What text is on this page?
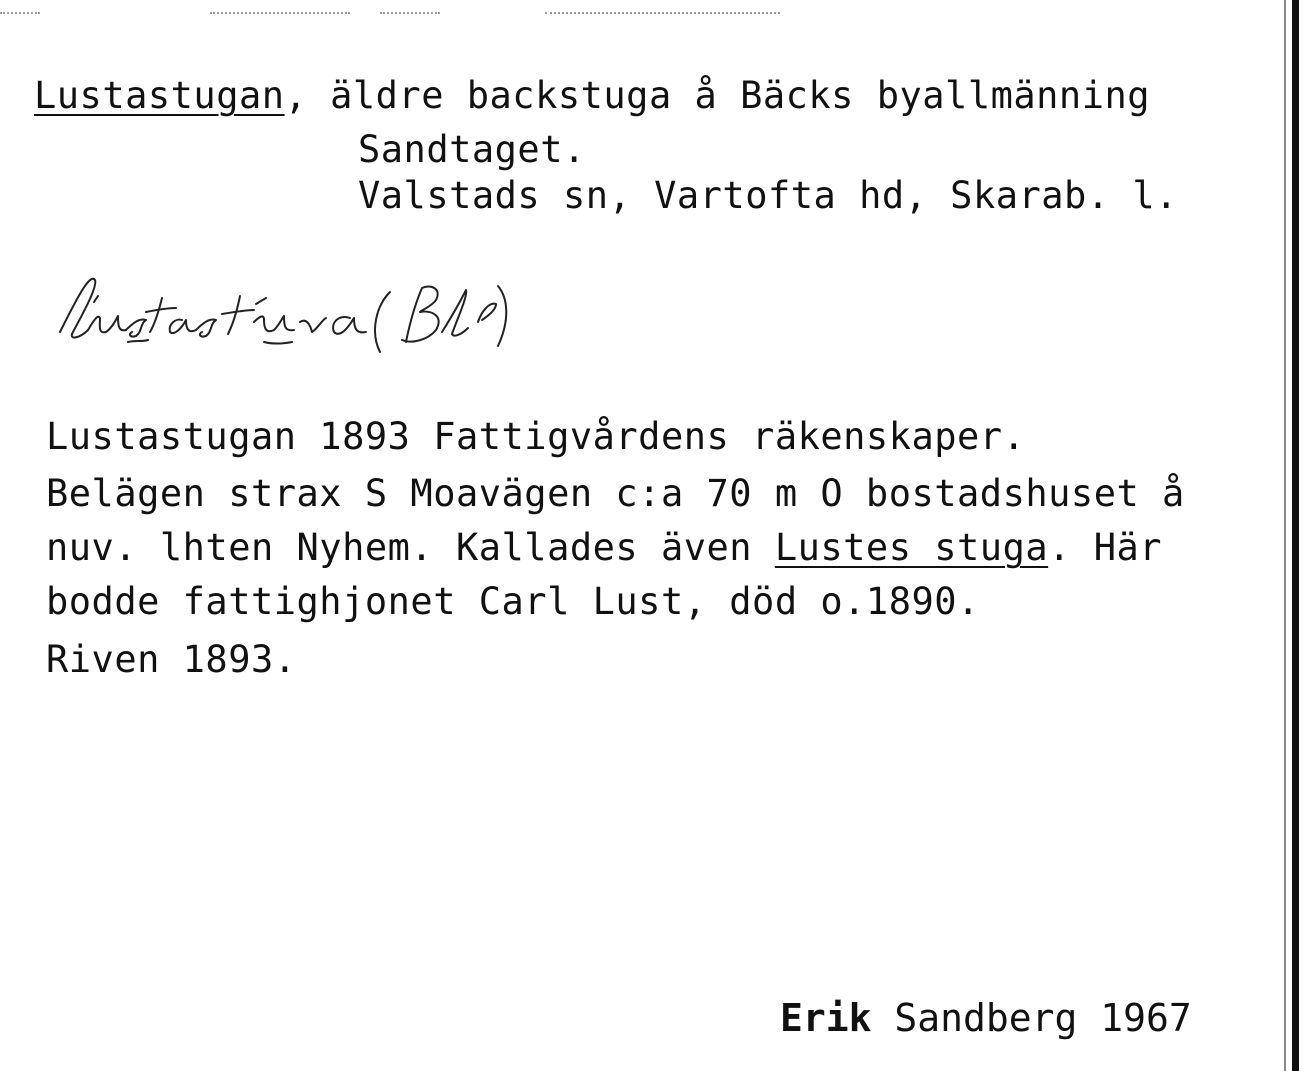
Lustastugan, äldre backstuga å Bäcks byallmänning
Sandtaget.
Valstads sn, Vartofta hd, Skarab. l.
Lustastugan 1893 Fattigvårdens räkenskaper.
Belägen strax S Moavägen c:a 70 m O bostadshuset å
nuv. lhten Nyhem. Kallades även Lustes stuga. Här
bodde fattighjonet Carl Lust, död o.1890.
Riven 1893.
Erik Sandberg 1967
